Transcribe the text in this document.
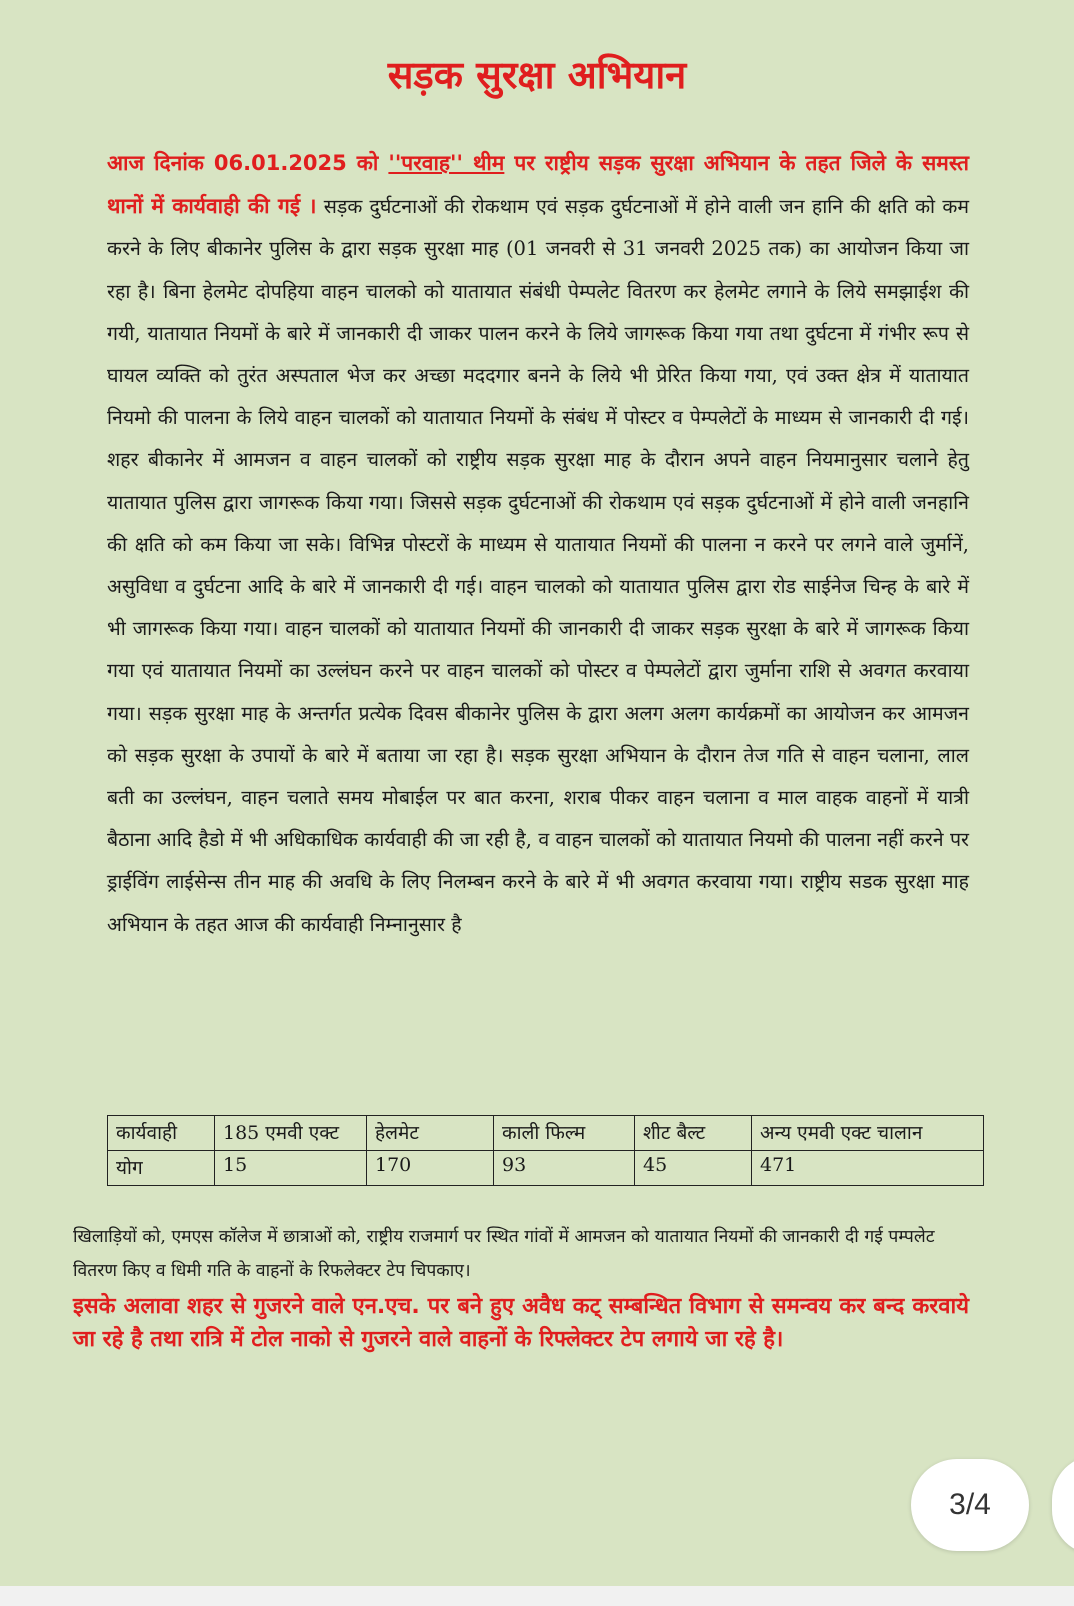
सड़क सुरक्षा अभियान
आज दिनांक 06.01.2025 को ''परवाह'' थीम पर राष्ट्रीय सड़क सुरक्षा अभियान के तहत जिले के समस्त थानों में कार्यवाही की गई । सड़क दुर्घटनाओं की रोकथाम एवं सड़क दुर्घटनाओं में होने वाली जन हानि की क्षति को कम करने के लिए बीकानेर पुलिस के द्वारा सड़क सुरक्षा माह (01 जनवरी से 31 जनवरी 2025 तक) का आयोजन किया जा रहा है। बिना हेलमेट दोपहिया वाहन चालको को यातायात संबंधी पेम्पलेट वितरण कर हेलमेट लगाने के लिये समझाईश की गयी, यातायात नियमों के बारे में जानकारी दी जाकर पालन करने के लिये जागरूक किया गया तथा दुर्घटना में गंभीर रूप से घायल व्यक्ति को तुरंत अस्पताल भेज कर अच्छा मददगार बनने के लिये भी प्रेरित किया गया, एवं उक्त क्षेत्र में यातायात नियमो की पालना के लिये वाहन चालकों को यातायात नियमों के संबंध में पोस्टर व पेम्पलेटों के माध्यम से जानकारी दी गई। शहर बीकानेर में आमजन व वाहन चालकों को राष्ट्रीय सड़क सुरक्षा माह के दौरान अपने वाहन नियमानुसार चलाने हेतु यातायात पुलिस द्वारा जागरूक किया गया। जिससे सड़क दुर्घटनाओं की रोकथाम एवं सड़क दुर्घटनाओं में होने वाली जनहानि की क्षति को कम किया जा सके। विभिन्न पोस्टरों के माध्यम से यातायात नियमों की पालना न करने पर लगने वाले जुर्मानें, असुविधा व दुर्घटना आदि के बारे में जानकारी दी गई। वाहन चालको को यातायात पुलिस द्वारा रोड साईनेज चिन्ह के बारे में भी जागरूक किया गया। वाहन चालकों को यातायात नियमों की जानकारी दी जाकर सड़क सुरक्षा के बारे में जागरूक किया गया एवं यातायात नियमों का उल्लंघन करने पर वाहन चालकों को पोस्टर व पेम्पलेटों द्वारा जुर्माना राशि से अवगत करवाया गया। सड़क सुरक्षा माह के अन्तर्गत प्रत्येक दिवस बीकानेर पुलिस के द्वारा अलग अलग कार्यक्रमों का आयोजन कर आमजन को सड़क सुरक्षा के उपायों के बारे में बताया जा रहा है। सड़क सुरक्षा अभियान के दौरान तेज गति से वाहन चलाना, लाल बती का उल्लंघन, वाहन चलाते समय मोबाईल पर बात करना, शराब पीकर वाहन चलाना व माल वाहक वाहनों में यात्री बैठाना आदि हैडो में भी अधिकाधिक कार्यवाही की जा रही है, व वाहन चालकों को यातायात नियमो की पालना नहीं करने पर ड्राईविंग लाईसेन्स तीन माह की अवधि के लिए निलम्बन करने के बारे में भी अवगत करवाया गया। राष्ट्रीय सडक सुरक्षा माह अभियान के तहत आज की कार्यवाही निम्नानुसार है
कार्यवाही	185 एमवी एक्ट	हेलमेट	काली फिल्म	शीट बैल्ट	अन्य एमवी एक्ट चालान
योग	15	170	93	45	471
खिलाड़ियों को, एमएस कॉलेज में छात्राओं को, राष्ट्रीय राजमार्ग पर स्थित गांवों में आमजन को यातायात नियमों की जानकारी दी गई पम्पलेट वितरण किए व धिमी गति के वाहनों के रिफलेक्टर टेप चिपकाए।
इसके अलावा शहर से गुजरने वाले एन.एच. पर बने हुए अवैध कट् सम्बन्धित विभाग से समन्वय कर बन्द करवाये जा रहे है तथा रात्रि में टोल नाको से गुजरने वाले वाहनों के रिफ्लेक्टर टेप लगाये जा रहे है।
3/4
